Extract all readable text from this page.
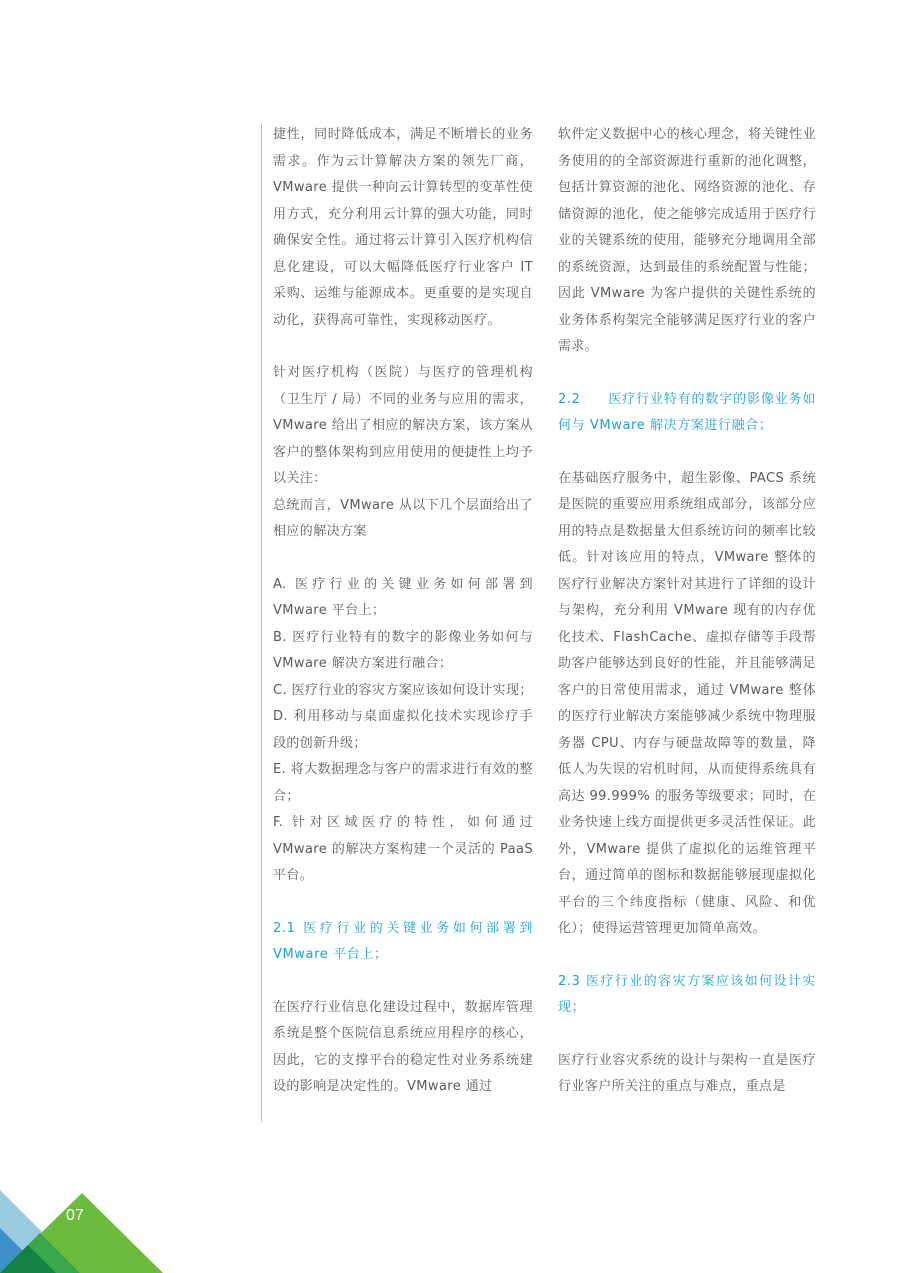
捷性，同时降低成本，满足不断增长的业务需求。作为云计算解决方案的领先厂商，VMware 提供一种向云计算转型的变革性使用方式，充分利用云计算的强大功能，同时确保安全性。通过将云计算引入医疗机构信息化建设，可以大幅降低医疗行业客户 IT 采购、运维与能源成本。更重要的是实现自动化，获得高可靠性，实现移动医疗。

针对医疗机构（医院）与医疗的管理机构（卫生厅 / 局）不同的业务与应用的需求，VMware 给出了相应的解决方案，该方案从客户的整体架构到应用使用的便捷性上均予以关注：

总统而言，VMware 从以下几个层面给出了相应的解决方案

A. 医疗行业的关键业务如何部署到 VMware 平台上；

B. 医疗行业特有的数字的影像业务如何与 VMware 解决方案进行融合；

C. 医疗行业的容灾方案应该如何设计实现；

D. 利用移动与桌面虚拟化技术实现诊疗手段的创新升级；

E. 将大数据理念与客户的需求进行有效的整合；

F. 针对区域医疗的特性，如何通过 VMware 的解决方案构建一个灵活的 PaaS 平台。

2.1 医疗行业的关键业务如何部署到 VMware 平台上；

在医疗行业信息化建设过程中，数据库管理系统是整个医院信息系统应用程序的核心，因此，它的支撑平台的稳定性对业务系统建设的影响是决定性的。VMware 通过

软件定义数据中心的核心理念，将关键性业务使用的的全部资源进行重新的池化调整，包括计算资源的池化、网络资源的池化、存储资源的池化，使之能够完成适用于医疗行业的关键系统的使用，能够充分地调用全部的系统资源，达到最佳的系统配置与性能；因此 VMware 为客户提供的关键性系统的业务体系构架完全能够满足医疗行业的客户需求。

2.2　　医疗行业特有的数字的影像业务如何与 VMware 解决方案进行融合；

在基础医疗服务中，超生影像、PACS 系统是医院的重要应用系统组成部分，该部分应用的特点是数据量大但系统访问的频率比较低。针对该应用的特点，VMware 整体的医疗行业解决方案针对其进行了详细的设计与架构，充分利用 VMware 现有的内存优化技术、FlashCache、虚拟存储等手段帮助客户能够达到良好的性能，并且能够满足客户的日常使用需求，通过 VMware 整体的医疗行业解决方案能够减少系统中物理服务器 CPU、内存与硬盘故障等的数量，降低人为失误的宕机时间，从而使得系统具有高达 99.999% 的服务等级要求；同时，在业务快速上线方面提供更多灵活性保证。此外，VMware 提供了虚拟化的运维管理平台，通过简单的图标和数据能够展现虚拟化平台的三个纬度指标（健康、风险、和优化）；使得运营管理更加简单高效。

2.3 医疗行业的容灾方案应该如何设计实现；

医疗行业容灾系统的设计与架构一直是医疗行业客户所关注的重点与难点，重点是

07
